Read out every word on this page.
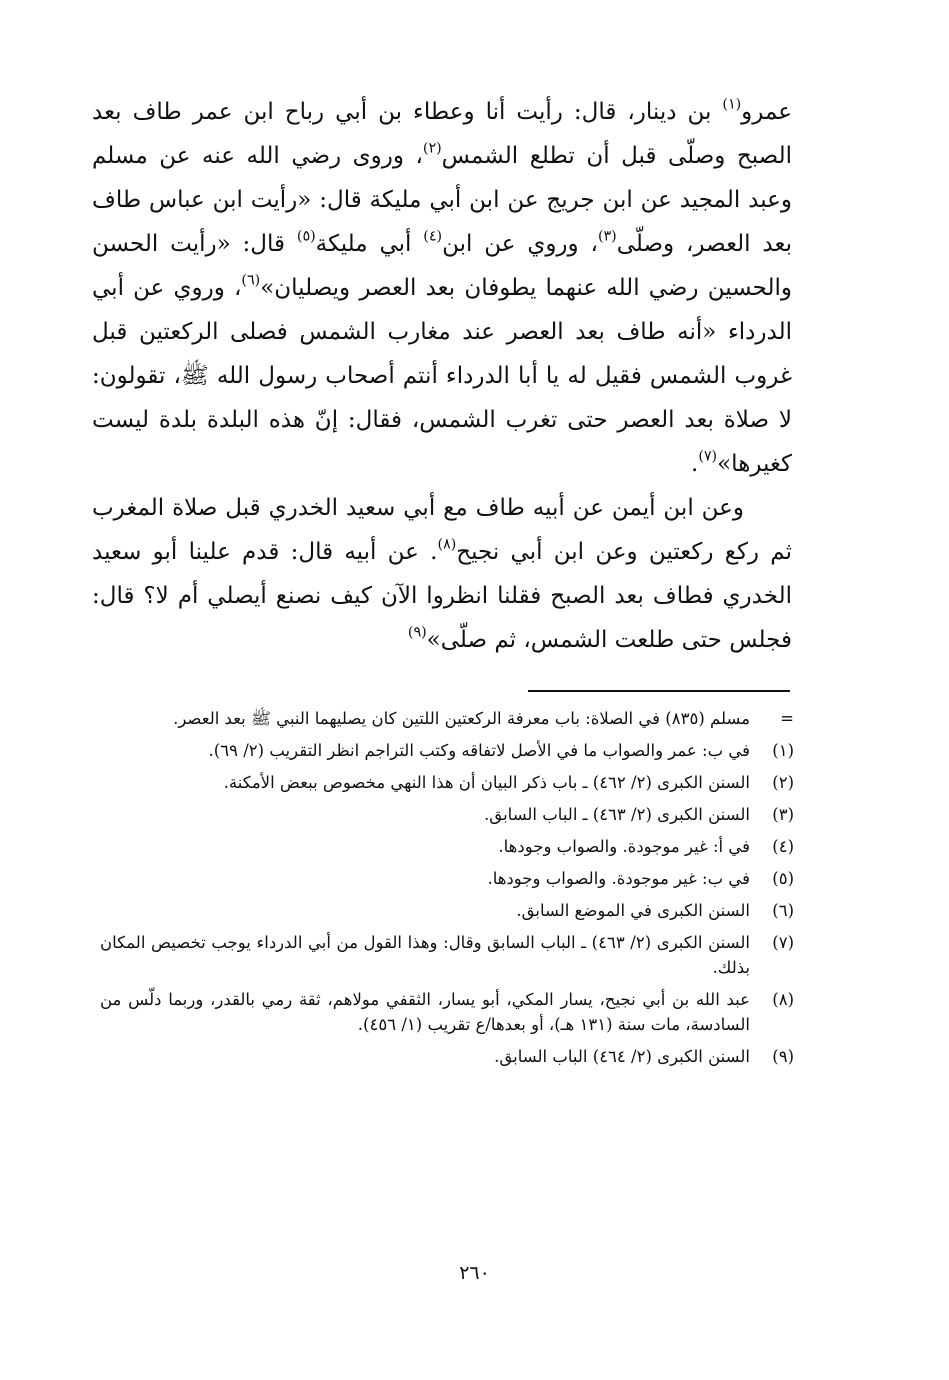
عمرو$^{(١)}$ بن دينار، قال: رأيت أنا وعطاء بن أبي رباح ابن عمر طاف بعد الصبح وصلّى قبل أن تطلع الشمس$^{(٢)}$، وروى رضي الله عنه عن مسلم وعبد المجيد عن ابن جريج عن ابن أبي مليكة قال: «رأيت ابن عباس طاف بعد العصر، وصلّى$^{(٣)}$، وروي عن ابن$^{(٤)}$ أبي مليكة$^{(٥)}$ قال: «رأيت الحسن والحسين رضي الله عنهما يطوفان بعد العصر ويصليان»$^{(٦)}$، وروي عن أبي الدرداء «أنه طاف بعد العصر عند مغارب الشمس فصلى الركعتين قبل غروب الشمس فقيل له يا أبا الدرداء أنتم أصحاب رسول الله ﷺ، تقولون: لا صلاة بعد العصر حتى تغرب الشمس، فقال: إنّ هذه البلدة بلدة ليست كغيرها»$^{(٧)}$.

وعن ابن أيمن عن أبيه طاف مع أبي سعيد الخدري قبل صلاة المغرب ثم ركع ركعتين وعن ابن أبي نجيح$^{(٨)}$. عن أبيه قال: قدم علينا أبو سعيد الخدري فطاف بعد الصبح فقلنا انظروا الآن كيف نصنع أيصلي أم لا؟ قال: فجلس حتى طلعت الشمس، ثم صلّى»$^{(٩)}$

=
مسلم (٨٣٥) في الصلاة: باب معرفة الركعتين اللتين كان يصليهما النبي ﷺ بعد العصر.
(١)
في ب: عمر والصواب ما في الأصل لاتفاقه وكتب التراجم انظر التقريب (٢/ ٦٩).
(٢)
السنن الكبرى (٢/ ٤٦٢) ـ باب ذكر البيان أن هذا النهي مخصوص ببعض الأمكنة.
(٣)
السنن الكبرى (٢/ ٤٦٣) ـ الباب السابق.
(٤)
في أ: غير موجودة. والصواب وجودها.
(٥)
في ب: غير موجودة. والصواب وجودها.
(٦)
السنن الكبرى في الموضع السابق.
(٧)
السنن الكبرى (٢/ ٤٦٣) ـ الباب السابق وقال: وهذا القول من أبي الدرداء يوجب تخصيص المكان بذلك.
(٨)
عبد الله بن أبي نجيح، يسار المكي، أبو يسار، الثقفي مولاهم، ثقة رمي بالقدر، وربما دلّس من السادسة، مات سنة (١٣١ هـ)، أو بعدها/ع تقريب (١/ ٤٥٦).
(٩)
السنن الكبرى (٢/ ٤٦٤) الباب السابق.
٢٦٠
